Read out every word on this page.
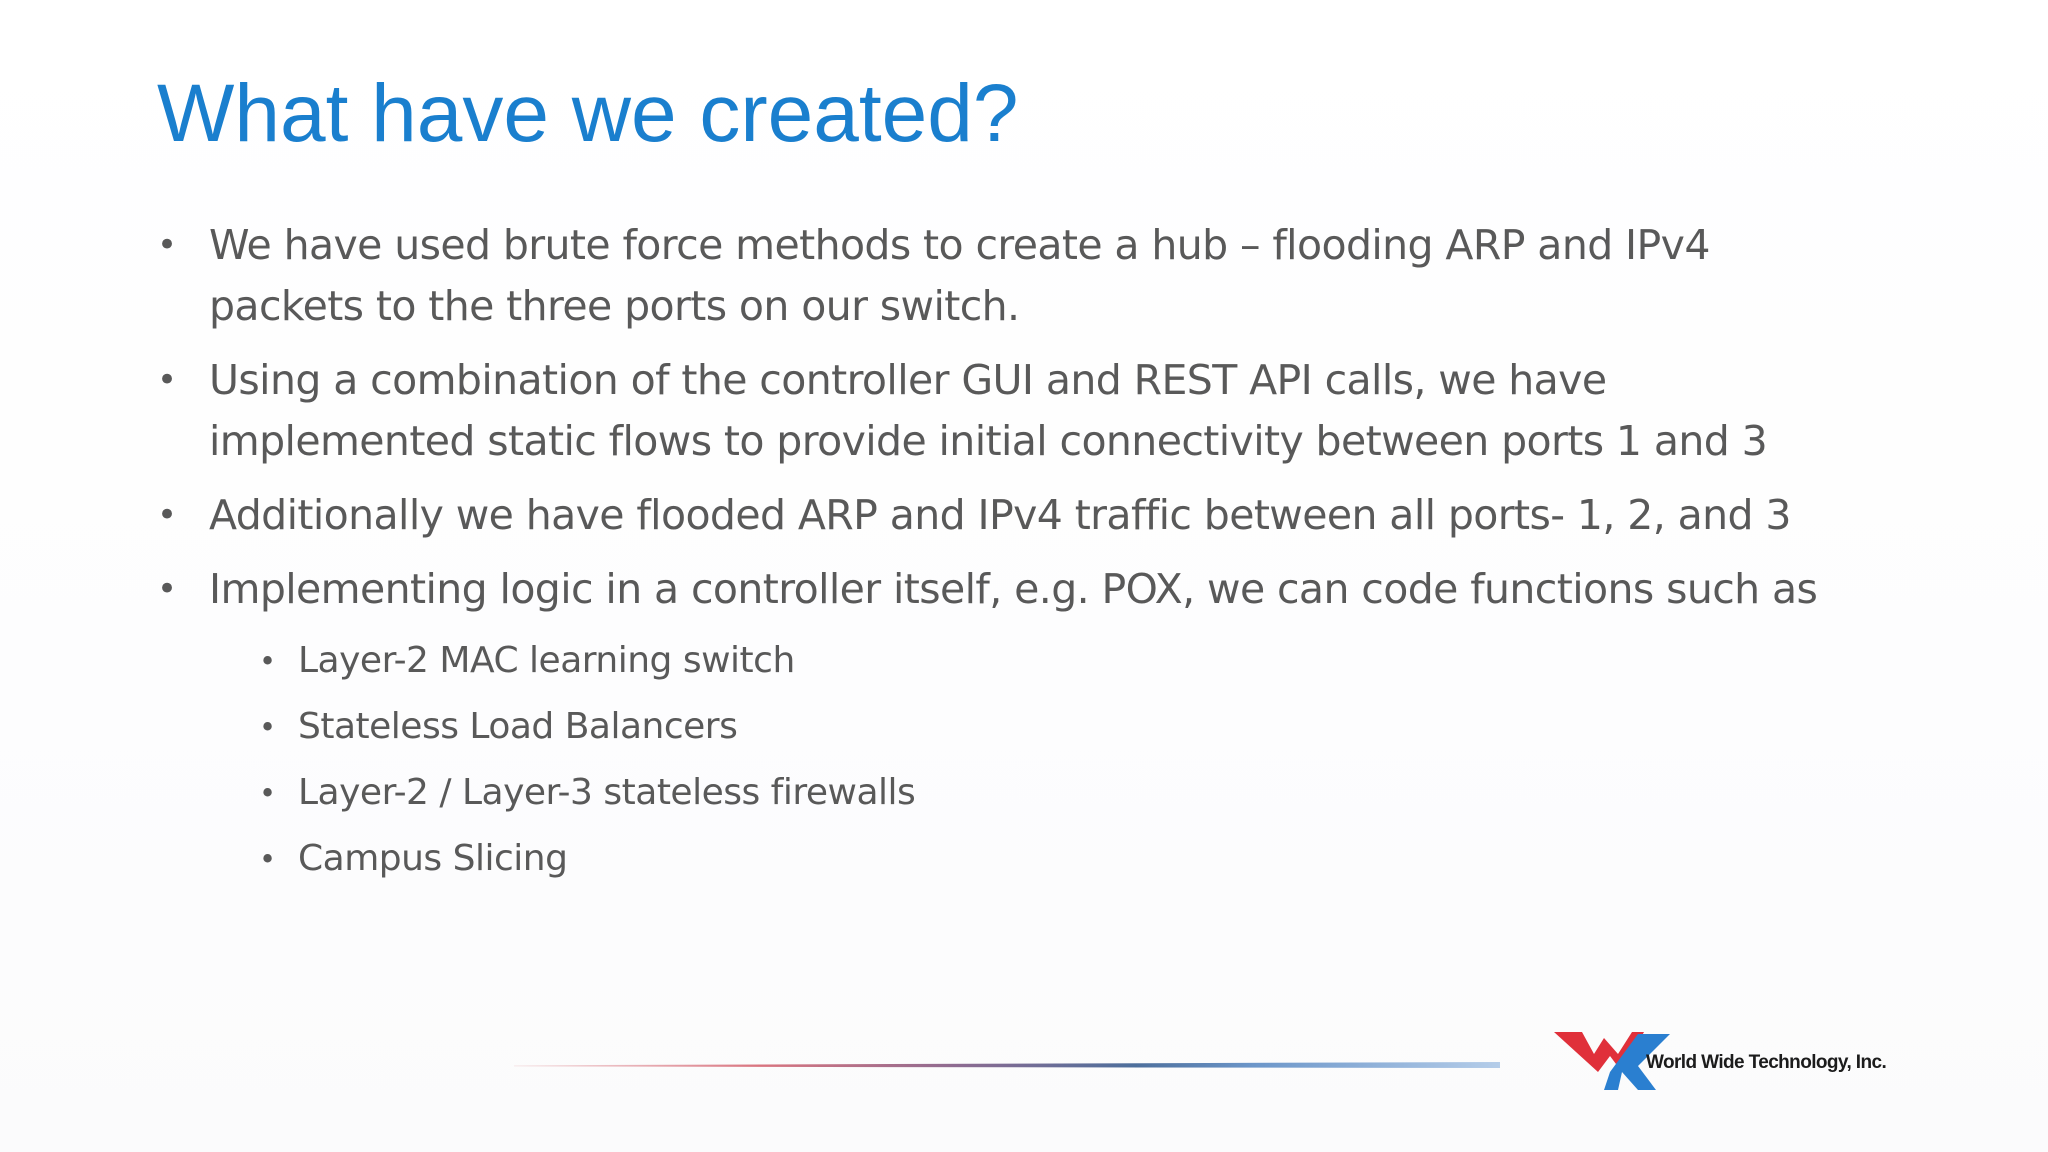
What have we created?
• We have used brute force methods to create a hub – flooding ARP and IPv4
packets to the three ports on our switch.
• Using a combination of the controller GUI and REST API calls, we have
implemented static flows to provide initial connectivity between ports 1 and 3
• Additionally we have flooded ARP and IPv4 traffic between all ports- 1, 2, and 3
• Implementing logic in a controller itself, e.g. POX, we can code functions such as
• Layer-2 MAC learning switch
• Stateless Load Balancers
• Layer-2 / Layer-3 stateless firewalls
• Campus Slicing
World Wide Technology, Inc.
